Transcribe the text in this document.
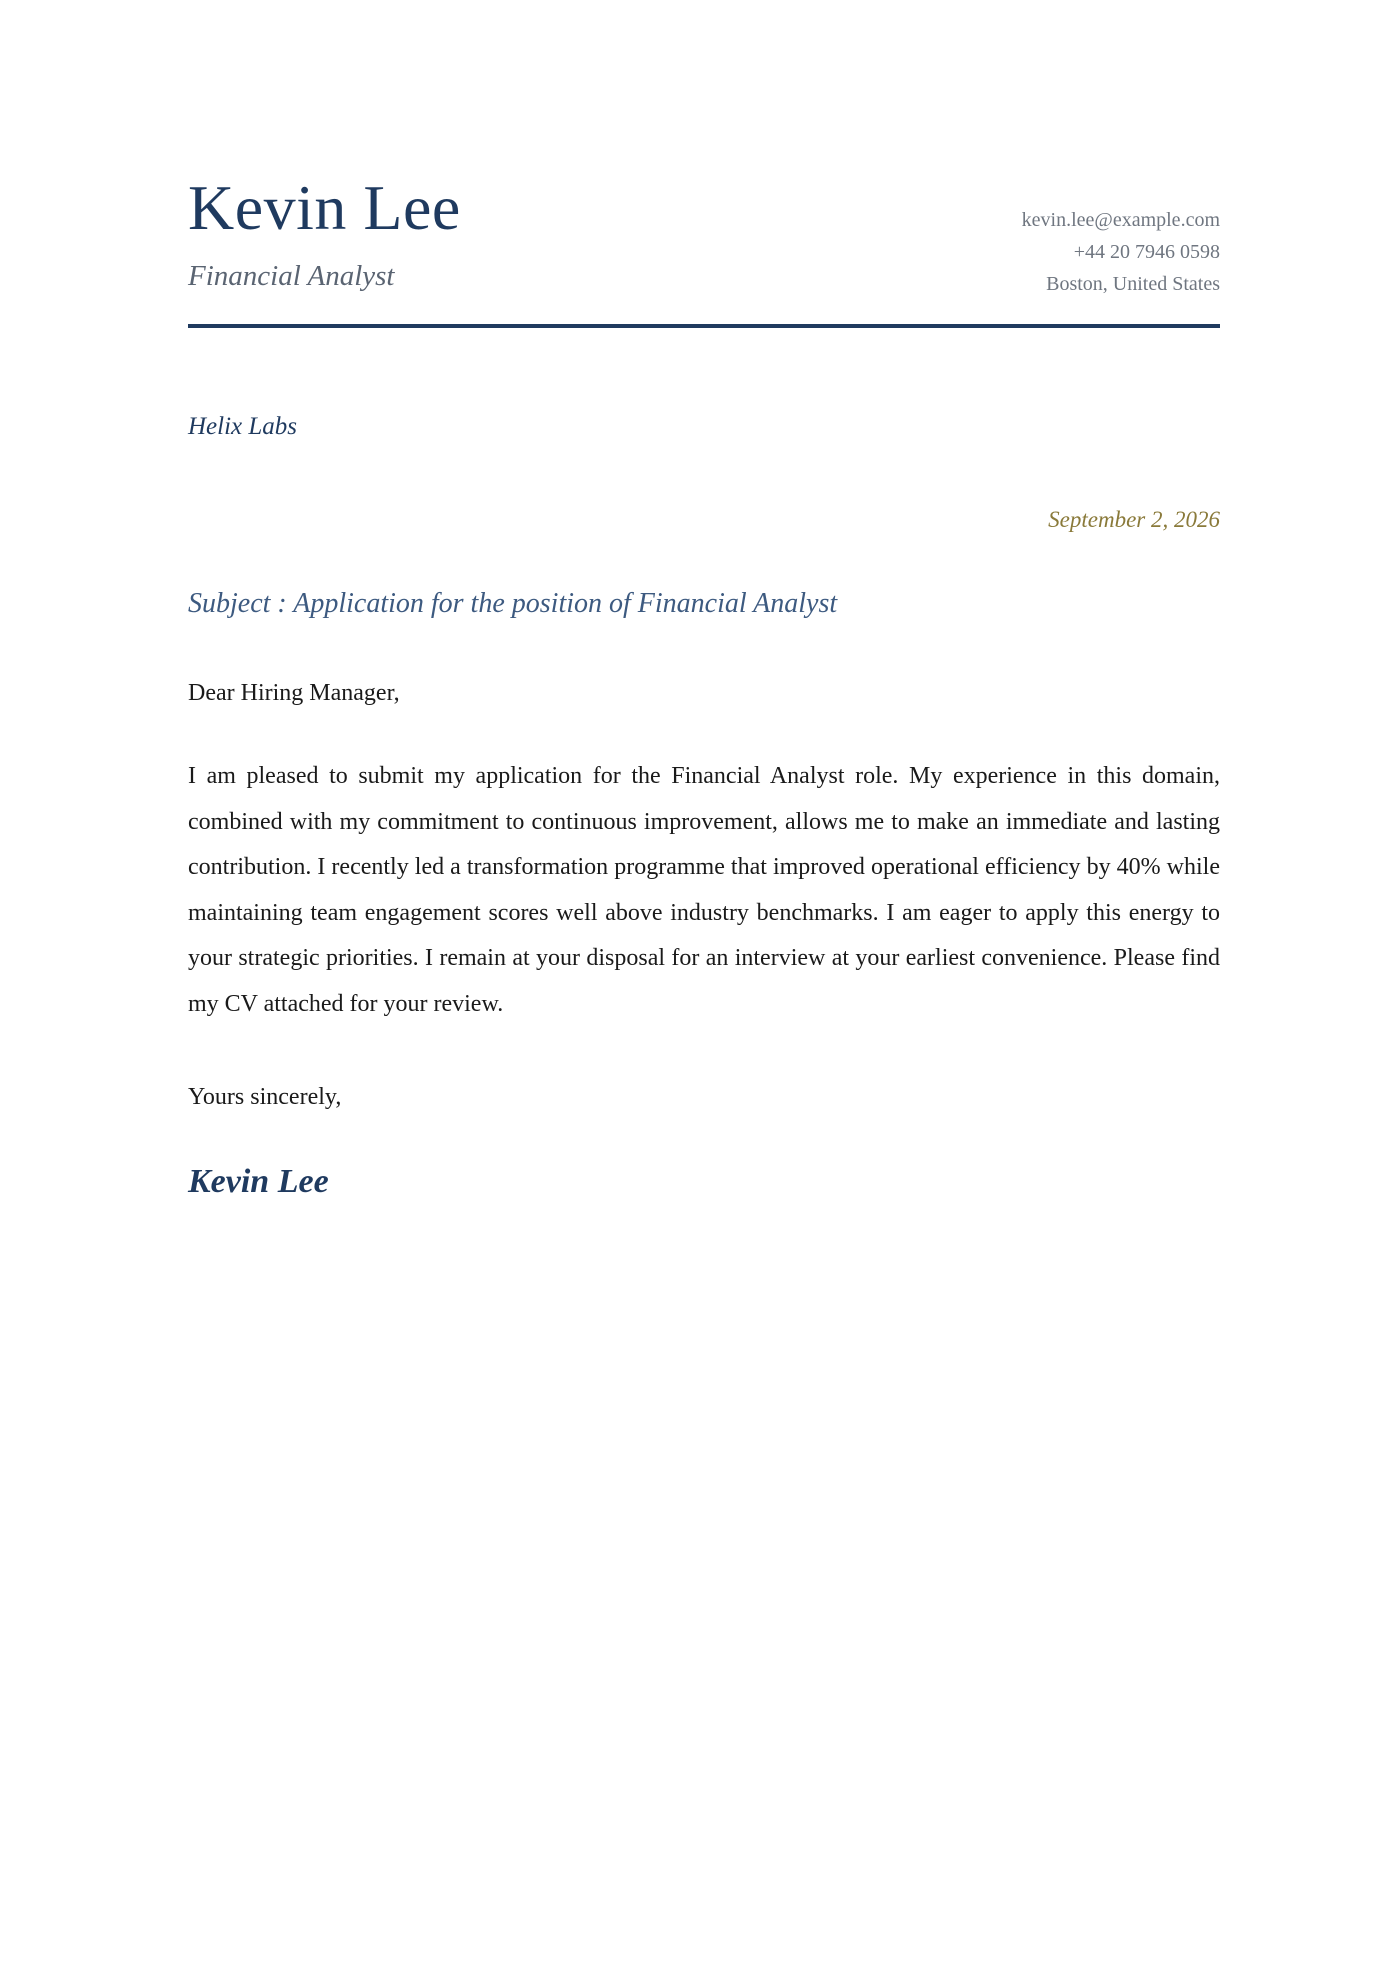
Kevin Lee
Financial Analyst
kevin.lee@example.com
+44 20 7946 0598
Boston, United States
Helix Labs
September 2, 2026
Subject : Application for the position of Financial Analyst
Dear Hiring Manager,

I am pleased to submit my application for the Financial Analyst role. My experience in this domain, combined with my commitment to continuous improvement, allows me to make an immediate and lasting contribution. I recently led a transformation programme that improved operational efficiency by 40% while maintaining team engagement scores well above industry benchmarks. I am eager to apply this energy to your strategic priorities. I remain at your disposal for an interview at your earliest convenience. Please find my CV attached for your review.

Yours sincerely,
Kevin Lee
